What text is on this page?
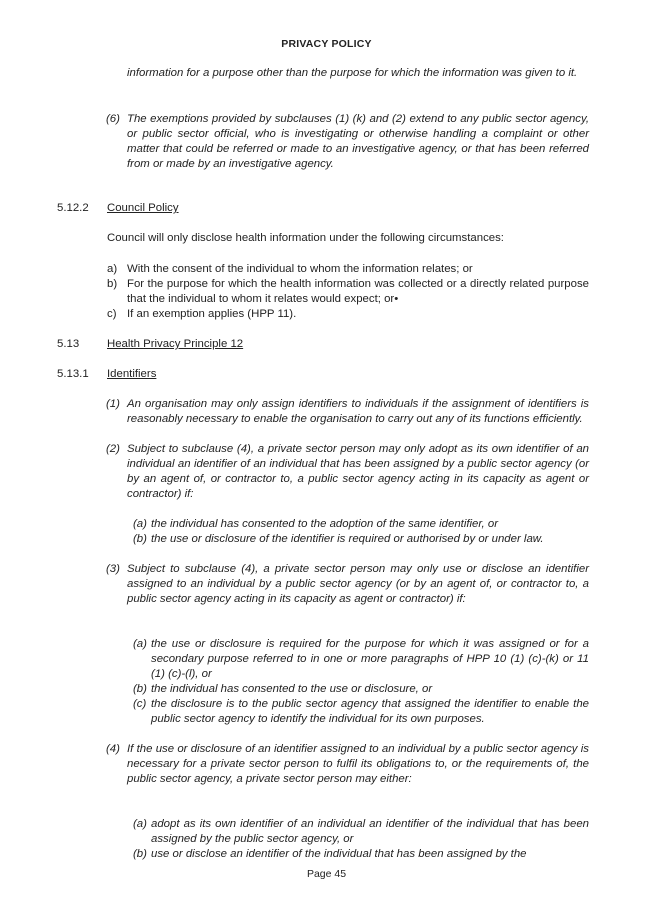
PRIVACY POLICY
information for a purpose other than the purpose for which the information was given to it.
(6) The exemptions provided by subclauses (1) (k) and (2) extend to any public sector agency, or public sector official, who is investigating or otherwise handling a complaint or other matter that could be referred or made to an investigative agency, or that has been referred from or made by an investigative agency.
5.12.2 Council Policy
Council will only disclose health information under the following circumstances:
a) With the consent of the individual to whom the information relates; or
b) For the purpose for which the health information was collected or a directly related purpose that the individual to whom it relates would expect; or•
c) If an exemption applies (HPP 11).
5.13 Health Privacy Principle 12
5.13.1 Identifiers
(1) An organisation may only assign identifiers to individuals if the assignment of identifiers is reasonably necessary to enable the organisation to carry out any of its functions efficiently.
(2) Subject to subclause (4), a private sector person may only adopt as its own identifier of an individual an identifier of an individual that has been assigned by a public sector agency (or by an agent of, or contractor to, a public sector agency acting in its capacity as agent or contractor) if:
(a) the individual has consented to the adoption of the same identifier, or
(b) the use or disclosure of the identifier is required or authorised by or under law.
(3) Subject to subclause (4), a private sector person may only use or disclose an identifier assigned to an individual by a public sector agency (or by an agent of, or contractor to, a public sector agency acting in its capacity as agent or contractor) if:
(a) the use or disclosure is required for the purpose for which it was assigned or for a secondary purpose referred to in one or more paragraphs of HPP 10 (1) (c)-(k) or 11 (1) (c)-(l), or
(b) the individual has consented to the use or disclosure, or
(c) the disclosure is to the public sector agency that assigned the identifier to enable the public sector agency to identify the individual for its own purposes.
(4) If the use or disclosure of an identifier assigned to an individual by a public sector agency is necessary for a private sector person to fulfil its obligations to, or the requirements of, the public sector agency, a private sector person may either:
(a) adopt as its own identifier of an individual an identifier of the individual that has been assigned by the public sector agency, or
(b) use or disclose an identifier of the individual that has been assigned by the
Page 45
